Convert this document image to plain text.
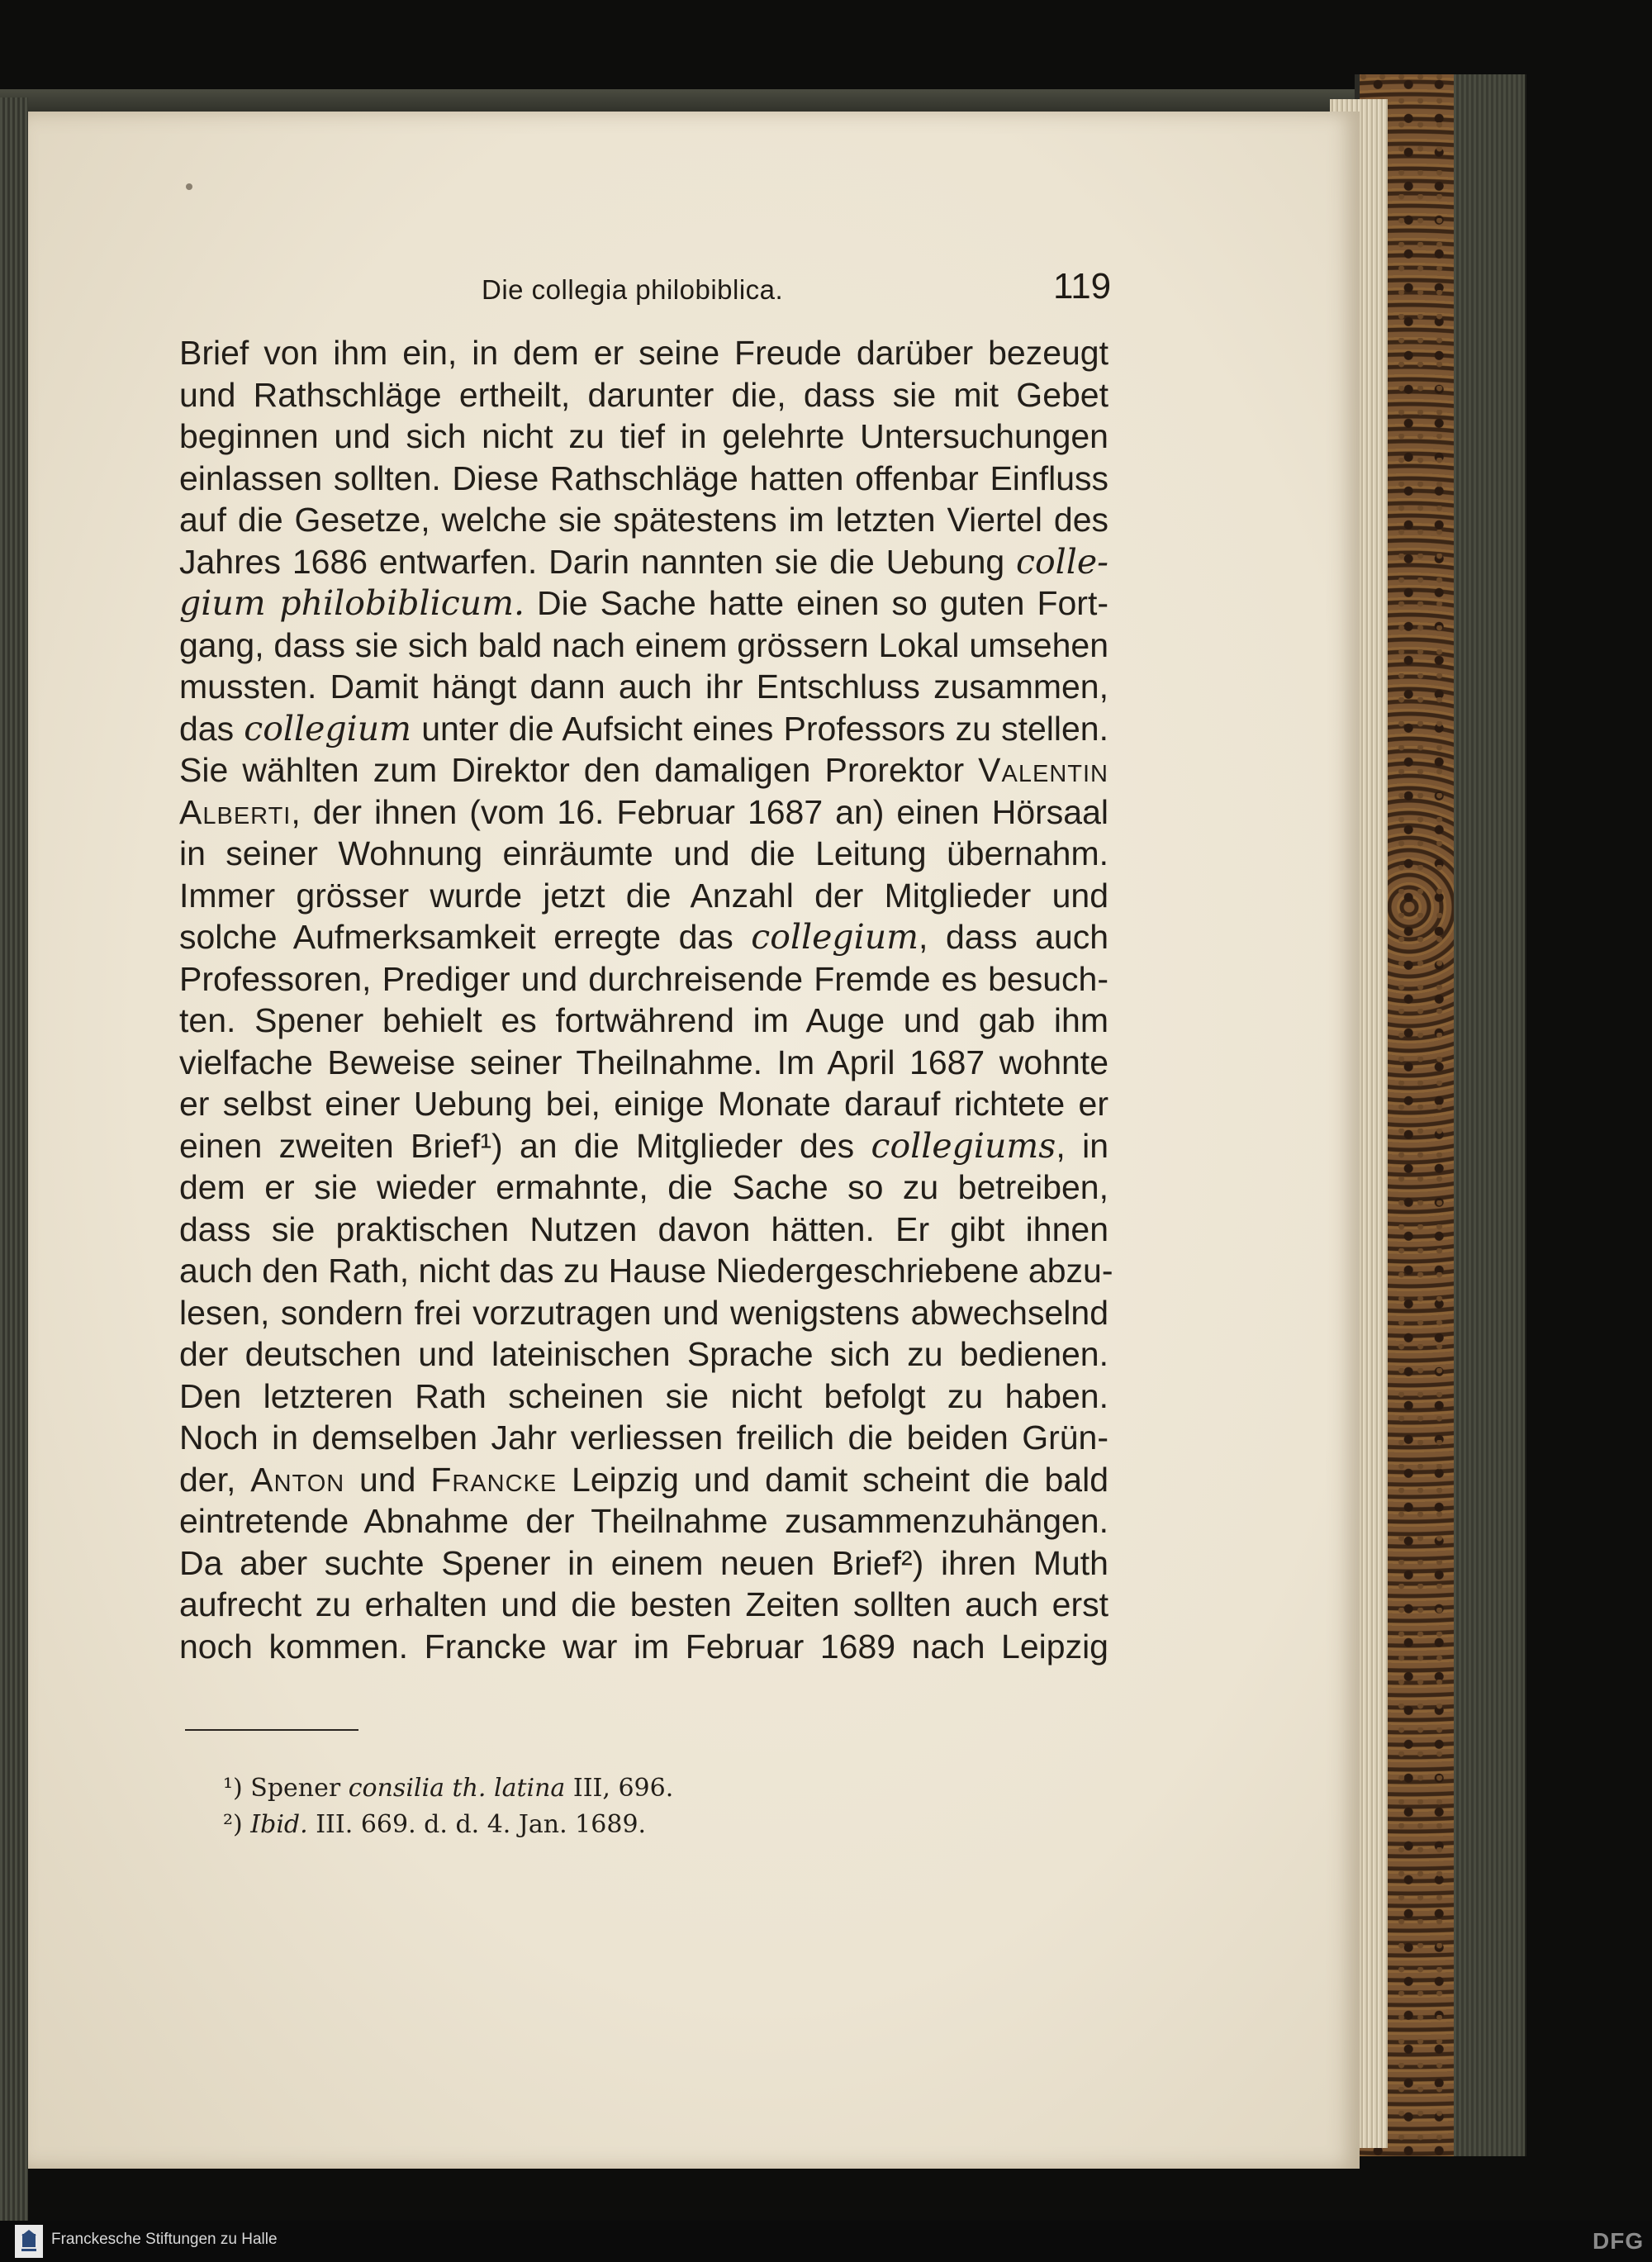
Die collegia philobiblica.	119
Brief von ihm ein, in dem er seine Freude darüber bezeugt
und Rathschläge ertheilt, darunter die, dass sie mit Gebet
beginnen und sich nicht zu tief in gelehrte Untersuchungen
einlassen sollten. Diese Rathschläge hatten offenbar Einfluss
auf die Gesetze, welche sie spätestens im letzten Viertel des
Jahres 1686 entwarfen. Darin nannten sie die Uebung colle-
gium philobiblicum. Die Sache hatte einen so guten Fort-
gang, dass sie sich bald nach einem grössern Lokal umsehen
mussten. Damit hängt dann auch ihr Entschluss zusammen,
das collegium unter die Aufsicht eines Professors zu stellen.
Sie wählten zum Direktor den damaligen Prorektor Valentin
Alberti, der ihnen (vom 16. Februar 1687 an) einen Hörsaal
in seiner Wohnung einräumte und die Leitung übernahm.
Immer grösser wurde jetzt die Anzahl der Mitglieder und
solche Aufmerksamkeit erregte das collegium, dass auch
Professoren, Prediger und durchreisende Fremde es besuch-
ten. Spener behielt es fortwährend im Auge und gab ihm
vielfache Beweise seiner Theilnahme. Im April 1687 wohnte
er selbst einer Uebung bei, einige Monate darauf richtete er
einen zweiten Brief¹) an die Mitglieder des collegiums, in
dem er sie wieder ermahnte, die Sache so zu betreiben,
dass sie praktischen Nutzen davon hätten. Er gibt ihnen
auch den Rath, nicht das zu Hause Niedergeschriebene abzu-
lesen, sondern frei vorzutragen und wenigstens abwechselnd
der deutschen und lateinischen Sprache sich zu bedienen.
Den letzteren Rath scheinen sie nicht befolgt zu haben.
Noch in demselben Jahr verliessen freilich die beiden Grün-
der, Anton und Francke Leipzig und damit scheint die bald
eintretende Abnahme der Theilnahme zusammenzuhängen.
Da aber suchte Spener in einem neuen Brief²) ihren Muth
aufrecht zu erhalten und die besten Zeiten sollten auch erst
noch kommen. Francke war im Februar 1689 nach Leipzig
¹) Spener consilia th. latina III, 696.
²) Ibid. III. 669. d. d. 4. Jan. 1689.
Franckesche Stiftungen zu Halle	DFG
